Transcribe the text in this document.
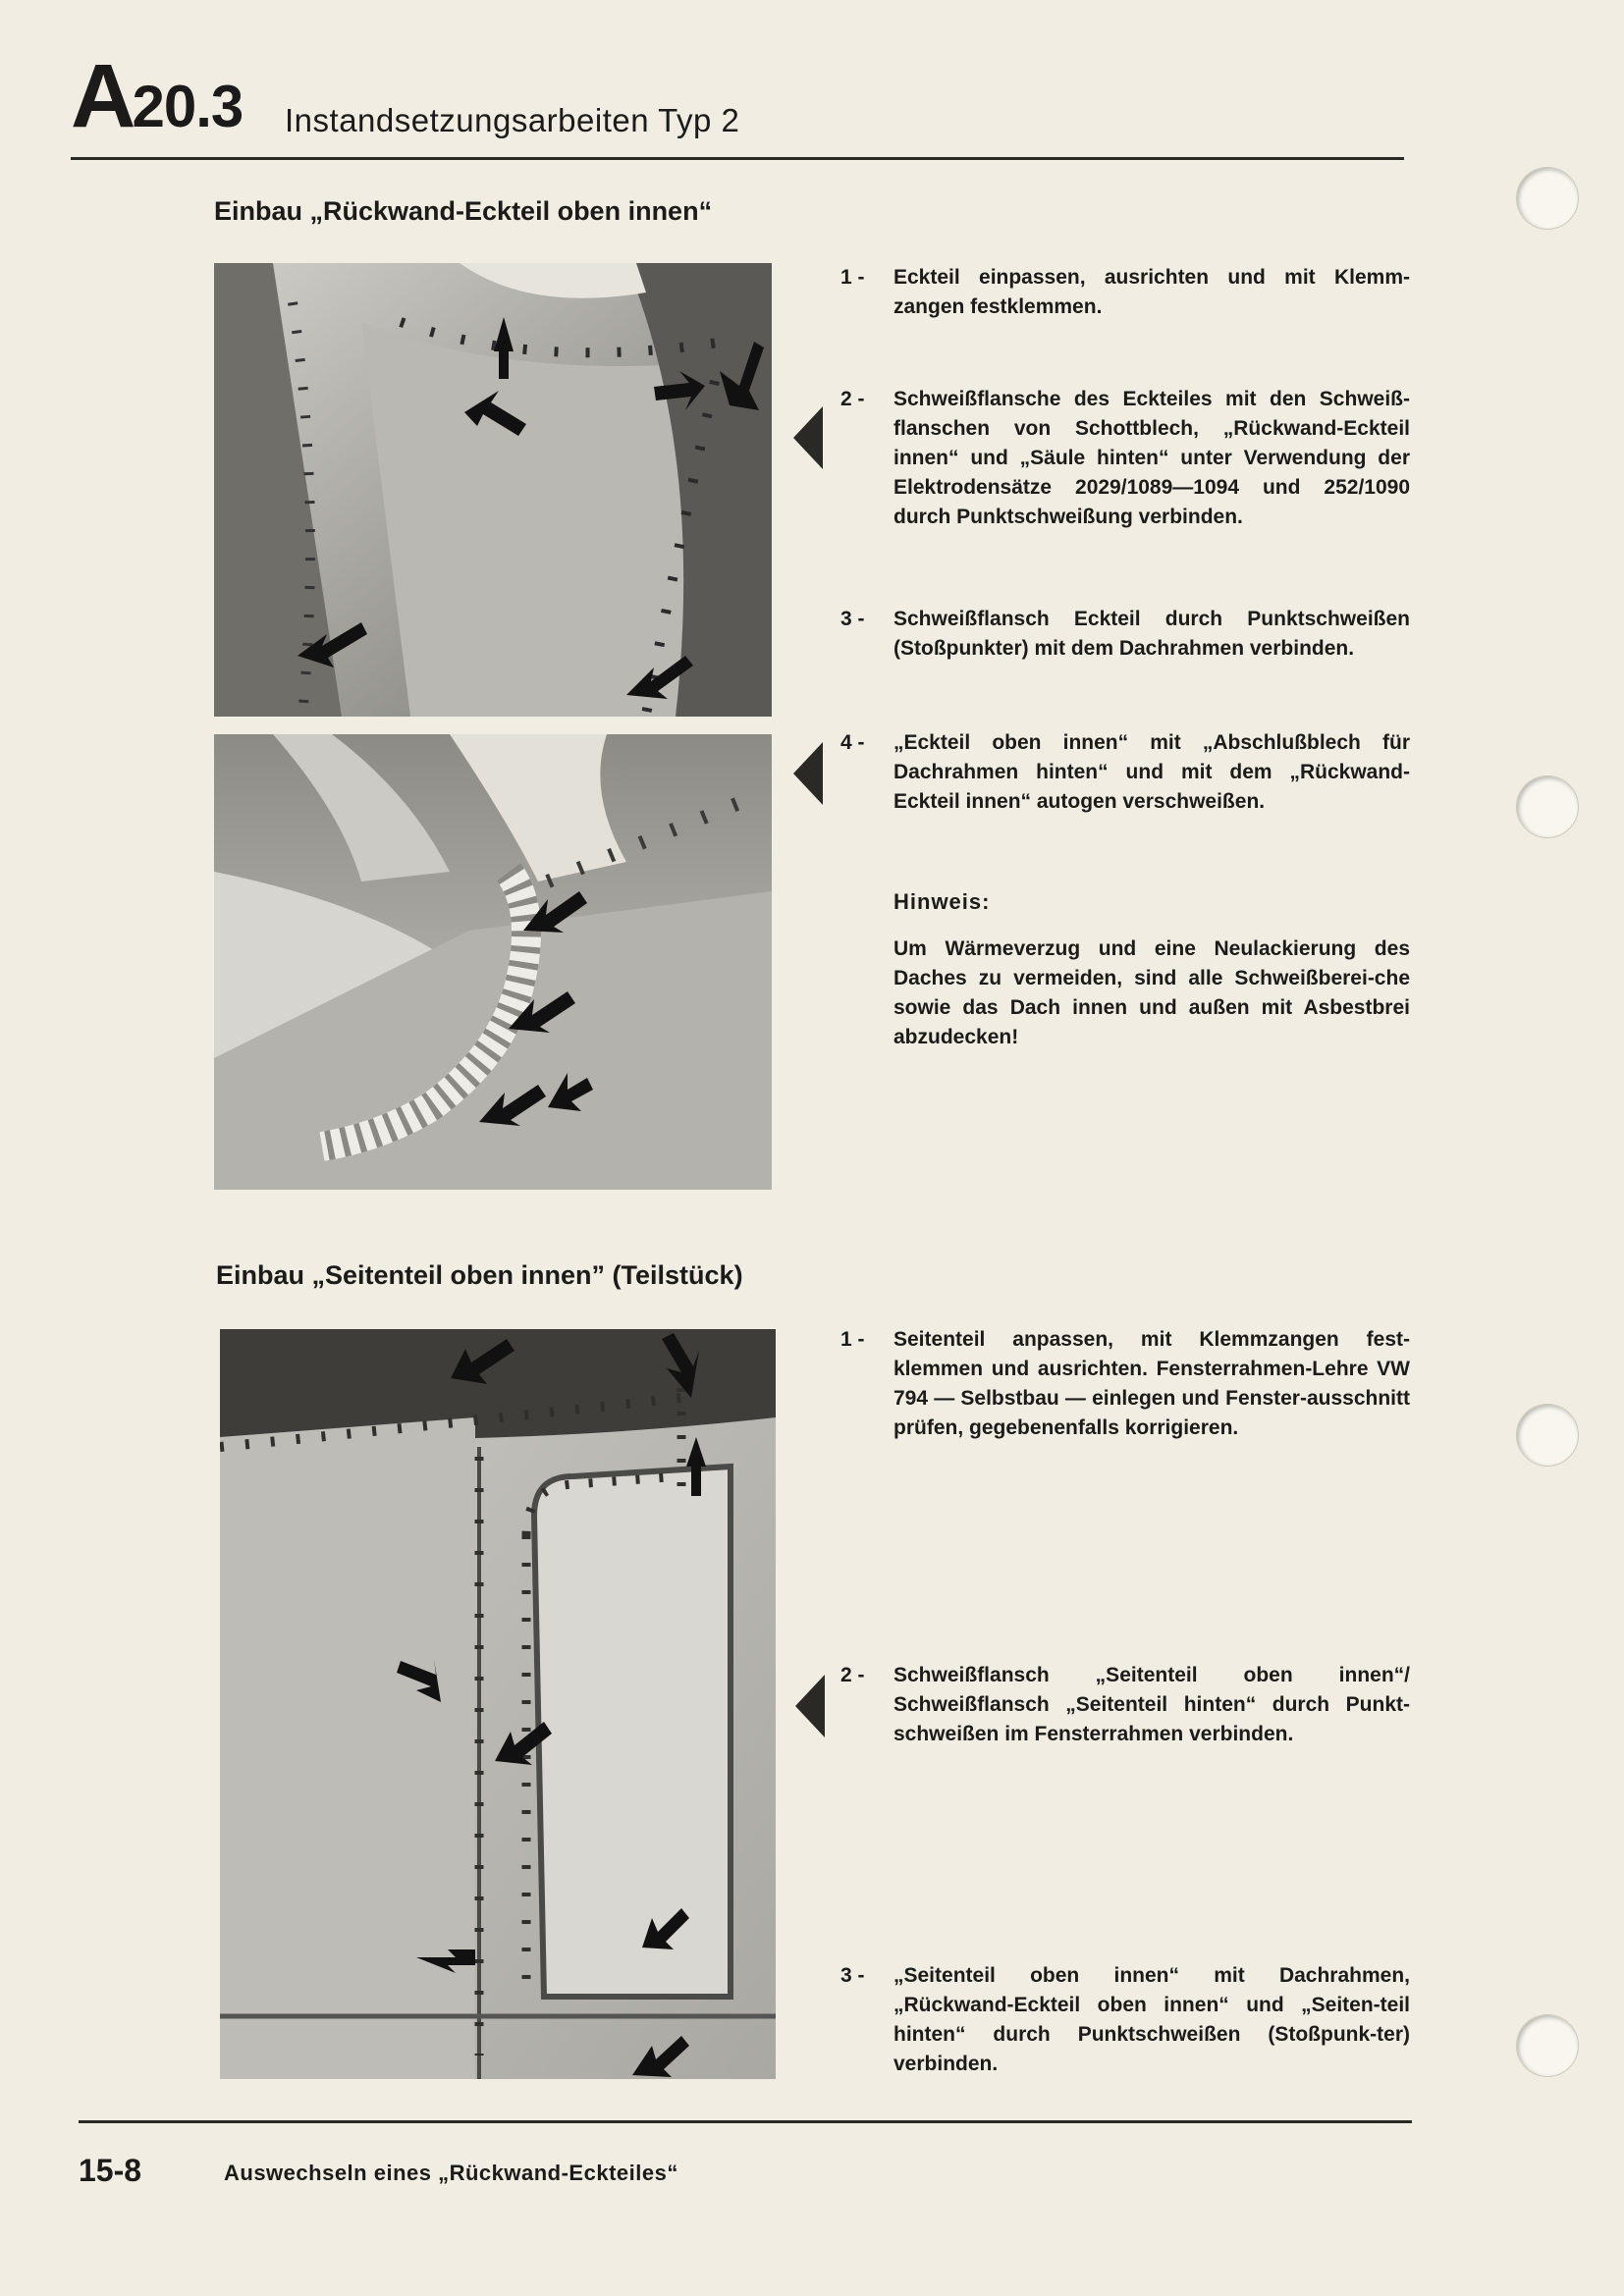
A20.3 Instandsetzungsarbeiten Typ 2
Einbau „Rückwand-Eckteil oben innen“
1 -	Eckteil einpassen, ausrichten und mit Klemm-zangen festklemmen.
2 -	Schweißflansche des Eckteiles mit den Schweiß-flanschen von Schottblech, „Rückwand-Eckteil innen“ und „Säule hinten“ unter Verwendung der Elektrodensätze 2029/1089—1094 und 252/1090 durch Punktschweißung verbinden.
3 -	Schweißflansch Eckteil durch Punktschweißen (Stoßpunkter) mit dem Dachrahmen verbinden.
4 -	„Eckteil oben innen“ mit „Abschlußblech für Dachrahmen hinten“ und mit dem „Rückwand-Eckteil innen“ autogen verschweißen.
Hinweis:
Um Wärmeverzug und eine Neulackierung des Daches zu vermeiden, sind alle Schweißberei-che sowie das Dach innen und außen mit Asbestbrei abzudecken!
Einbau „Seitenteil oben innen” (Teilstück)
1 -	Seitenteil anpassen, mit Klemmzangen fest-klemmen und ausrichten. Fensterrahmen-Lehre VW 794 — Selbstbau — einlegen und Fenster-ausschnitt prüfen, gegebenenfalls korrigieren.
2 -	Schweißflansch „Seitenteil oben innen“/ Schweißflansch „Seitenteil hinten“ durch Punkt-schweißen im Fensterrahmen verbinden.
3 -	„Seitenteil oben innen“ mit Dachrahmen, „Rückwand-Eckteil oben innen“ und „Seiten-teil hinten“ durch Punktschweißen (Stoßpunk-ter) verbinden.
15-8	Auswechseln eines „Rückwand-Eckteiles“
